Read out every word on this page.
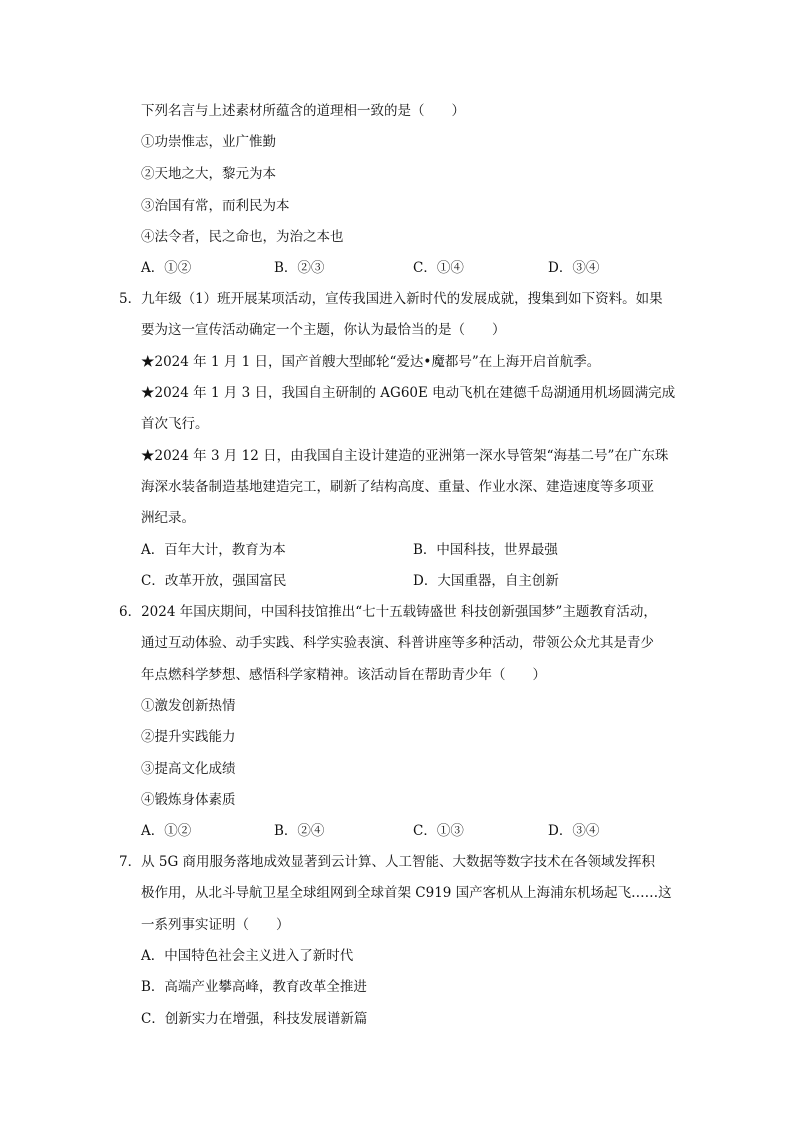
下列名言与上述素材所蕴含的道理相一致的是（　　）
①功崇惟志，业广惟勤
②天地之大，黎元为本
③治国有常，而利民为本
④法令者，民之命也，为治之本也
A．①②	B．②③	C．①④	D．③④
5．九年级（1）班开展某项活动，宣传我国进入新时代的发展成就，搜集到如下资料。如果
要为这一宣传活动确定一个主题，你认为最恰当的是（　　）
★2024 年 1 月 1 日，国产首艘大型邮轮“爱达•魔都号”在上海开启首航季。
★2024 年 1 月 3 日，我国自主研制的 AG60E 电动飞机在建德千岛湖通用机场圆满完成
首次飞行。
★2024 年 3 月 12 日，由我国自主设计建造的亚洲第一深水导管架“海基二号”在广东珠
海深水装备制造基地建造完工，刷新了结构高度、重量、作业水深、建造速度等多项亚
洲纪录。
A．百年大计，教育为本	B．中国科技，世界最强
C．改革开放，强国富民	D．大国重器，自主创新
6．2024 年国庆期间，中国科技馆推出“七十五载铸盛世 科技创新强国梦”主题教育活动，
通过互动体验、动手实践、科学实验表演、科普讲座等多种活动，带领公众尤其是青少
年点燃科学梦想、感悟科学家精神。该活动旨在帮助青少年（　　）
①激发创新热情
②提升实践能力
③提高文化成绩
④锻炼身体素质
A．①②	B．②④	C．①③	D．③④
7．从 5G 商用服务落地成效显著到云计算、人工智能、大数据等数字技术在各领域发挥积
极作用，从北斗导航卫星全球组网到全球首架 C919 国产客机从上海浦东机场起飞……这
一系列事实证明（　　）
A．中国特色社会主义进入了新时代
B．高端产业攀高峰，教育改革全推进
C．创新实力在增强，科技发展谱新篇
